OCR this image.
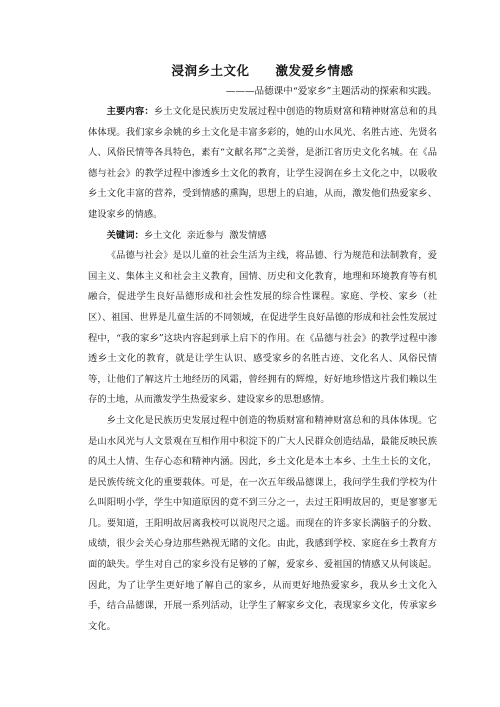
浸润乡土文化　　激发爱乡情感
———品德课中“爱家乡”主题活动的探索和实践。

主要内容：乡土文化是民族历史发展过程中创造的物质财富和精神财富总和的具体体现。我们家乡余姚的乡土文化是丰富多彩的，她的山水风光、名胜古迹、先贤名人、风俗民情等各具特色，素有“文献名邦”之美誉，是浙江省历史文化名城。在《品德与社会》的教学过程中渗透乡土文化的教育，让学生浸润在乡土文化之中，以吸收乡土文化丰富的营养，受到情感的熏陶，思想上的启迪，从而，激发他们热爱家乡、建设家乡的情感。

关键词：乡土文化 亲近参与 激发情感

《品德与社会》是以儿童的社会生活为主线，将品德、行为规范和法制教育，爱国主义、集体主义和社会主义教育，国情、历史和文化教育，地理和环境教育等有机融合，促进学生良好品德形成和社会性发展的综合性课程。家庭、学校、家乡（社区）、祖国、世界是儿童生活的不同领域，在促进学生良好品德的形成和社会性发展过程中，“我的家乡”这块内容起到承上启下的作用。在《品德与社会》的教学过程中渗透乡土文化的教育，就是让学生认识、感受家乡的名胜古迹、文化名人、风俗民情等，让他们了解这片土地经历的风霜，曾经拥有的辉煌，好好地珍惜这片我们赖以生存的土地，从而激发学生热爱家乡、建设家乡的思想感情。

乡土文化是民族历史发展过程中创造的物质财富和精神财富总和的具体体现。它是山水风光与人文景观在互相作用中积淀下的广大人民群众创造结晶，最能反映民族的风土人情、生存心态和精神内涵。因此，乡土文化是本土本乡、土生土长的文化，是民族传统文化的重要载体。可是，在一次五年级品德课上，我问学生我们学校为什么叫阳明小学，学生中知道原因的竟不到三分之一，去过王阳明故居的，更是寥寥无几。要知道，王阳明故居离我校可以说咫尺之遥。而现在的许多家长满脑子的分数、成绩，很少会关心身边那些熟视无睹的文化。由此，我感到学校、家庭在乡土教育方面的缺失。学生对自己的家乡没有足够的了解，爱家乡、爱祖国的情感又从何谈起。因此，为了让学生更好地了解自己的家乡，从而更好地热爱家乡，我从乡土文化入手，结合品德课，开展一系列活动，让学生了解家乡文化，表现家乡文化，传承家乡文化。
